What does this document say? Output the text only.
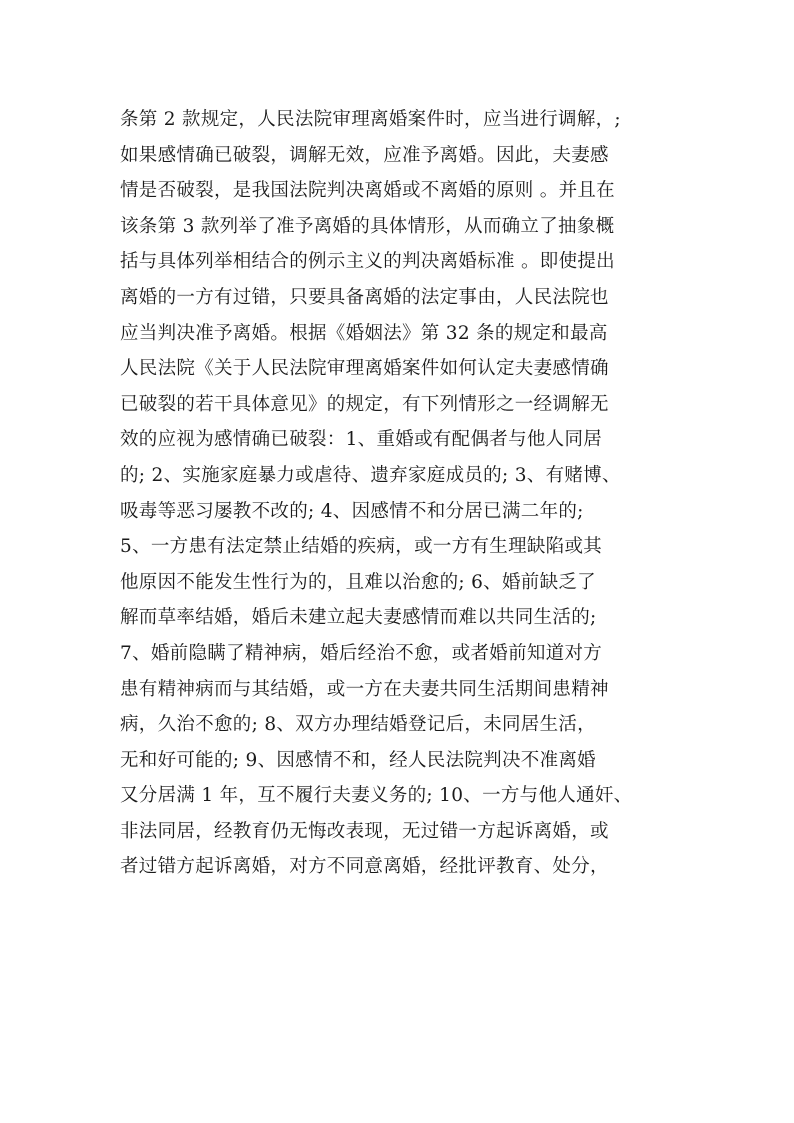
条第 2 款规定，人民法院审理离婚案件时，应当进行调解，;
如果感情确已破裂，调解无效，应准予离婚。因此，夫妻感
情是否破裂，是我国法院判决离婚或不离婚的原则 。并且在
该条第 3 款列举了准予离婚的具体情形，从而确立了抽象概
括与具体列举相结合的例示主义的判决离婚标准 。即使提出
离婚的一方有过错，只要具备离婚的法定事由，人民法院也
应当判决准予离婚。根据《婚姻法》第 32 条的规定和最高
人民法院《关于人民法院审理离婚案件如何认定夫妻感情确
已破裂的若干具体意见》的规定，有下列情形之一经调解无
效的应视为感情确已破裂：1、重婚或有配偶者与他人同居
的; 2、实施家庭暴力或虐待、遗弃家庭成员的; 3、有赌博、
吸毒等恶习屡教不改的; 4、因感情不和分居已满二年的;
5、一方患有法定禁止结婚的疾病，或一方有生理缺陷或其
他原因不能发生性行为的，且难以治愈的; 6、婚前缺乏了
解而草率结婚，婚后未建立起夫妻感情而难以共同生活的;
7、婚前隐瞒了精神病，婚后经治不愈，或者婚前知道对方
患有精神病而与其结婚，或一方在夫妻共同生活期间患精神
病，久治不愈的; 8、双方办理结婚登记后，未同居生活，
无和好可能的; 9、因感情不和，经人民法院判决不准离婚
又分居满 1 年，互不履行夫妻义务的; 10、一方与他人通奸、
非法同居，经教育仍无悔改表现，无过错一方起诉离婚，或
者过错方起诉离婚，对方不同意离婚，经批评教育、处分，
